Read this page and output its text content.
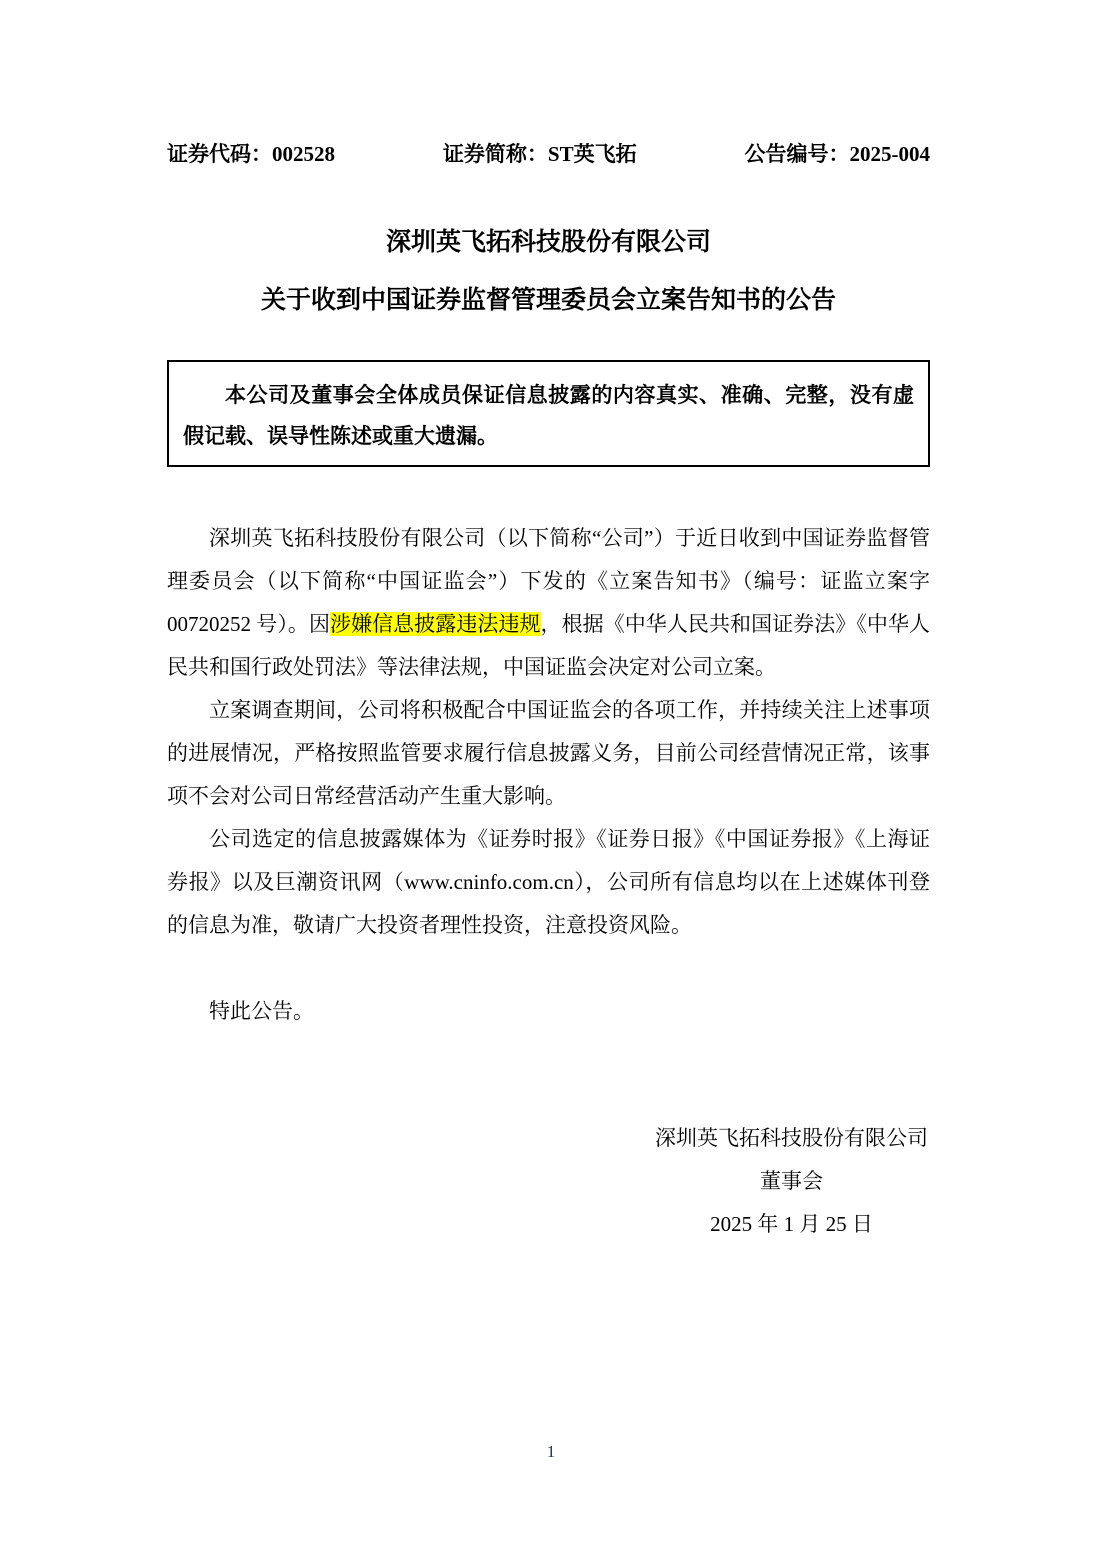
证券代码：002528	证券简称：ST英飞拓	公告编号：2025-004
深圳英飞拓科技股份有限公司
关于收到中国证券监督管理委员会立案告知书的公告

本公司及董事会全体成员保证信息披露的内容真实、准确、完整，没有虚假记载、误导性陈述或重大遗漏。

深圳英飞拓科技股份有限公司（以下简称“公司”）于近日收到中国证券监督管理委员会（以下简称“中国证监会”）下发的《立案告知书》（编号：证监立案字 00720252 号）。因涉嫌信息披露违法违规，根据《中华人民共和国证券法》《中华人民共和国行政处罚法》等法律法规，中国证监会决定对公司立案。

立案调查期间，公司将积极配合中国证监会的各项工作，并持续关注上述事项的进展情况，严格按照监管要求履行信息披露义务，目前公司经营情况正常，该事项不会对公司日常经营活动产生重大影响。

公司选定的信息披露媒体为《证券时报》《证券日报》《中国证券报》《上海证券报》以及巨潮资讯网（www.cninfo.com.cn），公司所有信息均以在上述媒体刊登的信息为准，敬请广大投资者理性投资，注意投资风险。

特此公告。

深圳英飞拓科技股份有限公司
董事会
2025 年 1 月 25 日
1
